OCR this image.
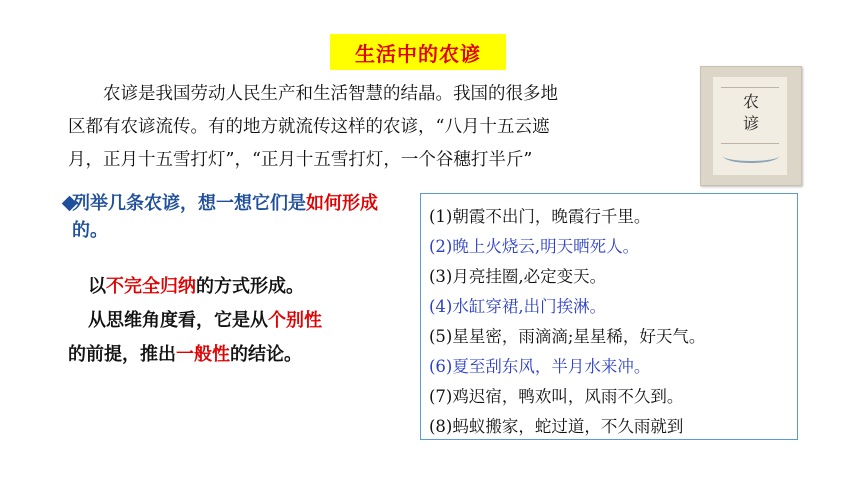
生活中的农谚

农谚是我国劳动人民生产和生活智慧的结晶。我国的很多地

区都有农谚流传。有的地方就流传这样的农谚，“八月十五云遮
月，正月十五雪打灯”，“正月十五雪打灯，一个谷穗打半斤”
农谚
列举几条农谚，想一想它们是如何形成的。

以不完全归纳的方式形成。

从思维角度看，它是从个别性

的前提，推出一般性的结论。

(1)朝霞不出门，晚霞行千里。
(2)晚上火烧云,明天晒死人。
(3)月亮挂圈,必定变天。
(4)水缸穿裙,出门挨淋。
(5)星星密，雨滴滴;星星稀，好天气。
(6)夏至刮东风，半月水来冲。
(7)鸡迟宿，鸭欢叫，风雨不久到。
(8)蚂蚁搬家，蛇过道，不久雨就到
